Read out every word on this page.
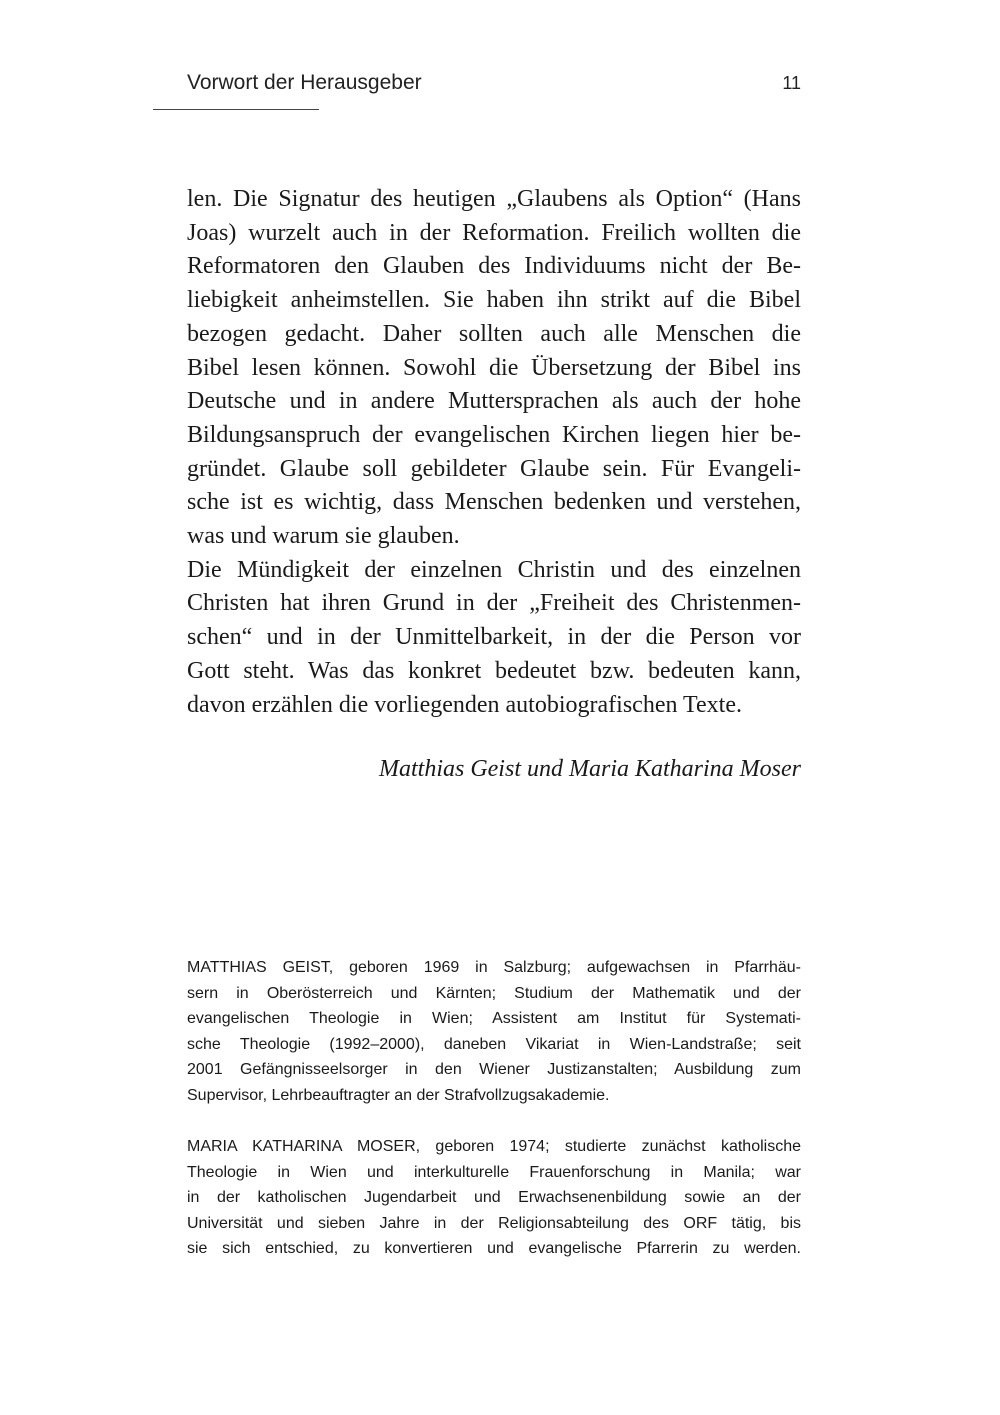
Vorwort der Herausgeber	11
len. Die Signatur des heutigen „Glaubens als Option“ (Hans
Joas) wurzelt auch in der Reformation. Freilich wollten die
Reformatoren den Glauben des Individuums nicht der Be-
liebigkeit anheimstellen. Sie haben ihn strikt auf die Bibel
bezogen gedacht. Daher sollten auch alle Menschen die
Bibel lesen können. Sowohl die Übersetzung der Bibel ins
Deutsche und in andere Muttersprachen als auch der hohe
Bildungsanspruch der evangelischen Kirchen liegen hier be-
gründet. Glaube soll gebildeter Glaube sein. Für Evangeli-
sche ist es wichtig, dass Menschen bedenken und verstehen,
was und warum sie glauben.
Die Mündigkeit der einzelnen Christin und des einzelnen
Christen hat ihren Grund in der „Freiheit des Christenmen-
schen“ und in der Unmittelbarkeit, in der die Person vor
Gott steht. Was das konkret bedeutet bzw. bedeuten kann,
davon erzählen die vorliegenden autobiografischen Texte.
Matthias Geist und Maria Katharina Moser
MATTHIAS GEIST, geboren 1969 in Salzburg; aufgewachsen in Pfarrhäu-
sern in Oberösterreich und Kärnten; Studium der Mathematik und der
evangelischen Theologie in Wien; Assistent am Institut für Systemati-
sche Theologie (1992–2000), daneben Vikariat in Wien-Landstraße; seit
2001 Gefängnisseelsorger in den Wiener Justizanstalten; Ausbildung zum
Supervisor, Lehrbeauftragter an der Strafvollzugsakademie.
MARIA KATHARINA MOSER, geboren 1974; studierte zunächst katholische
Theologie in Wien und interkulturelle Frauenforschung in Manila; war
in der katholischen Jugendarbeit und Erwachsenenbildung sowie an der
Universität und sieben Jahre in der Religionsabteilung des ORF tätig, bis
sie sich entschied, zu konvertieren und evangelische Pfarrerin zu werden.
